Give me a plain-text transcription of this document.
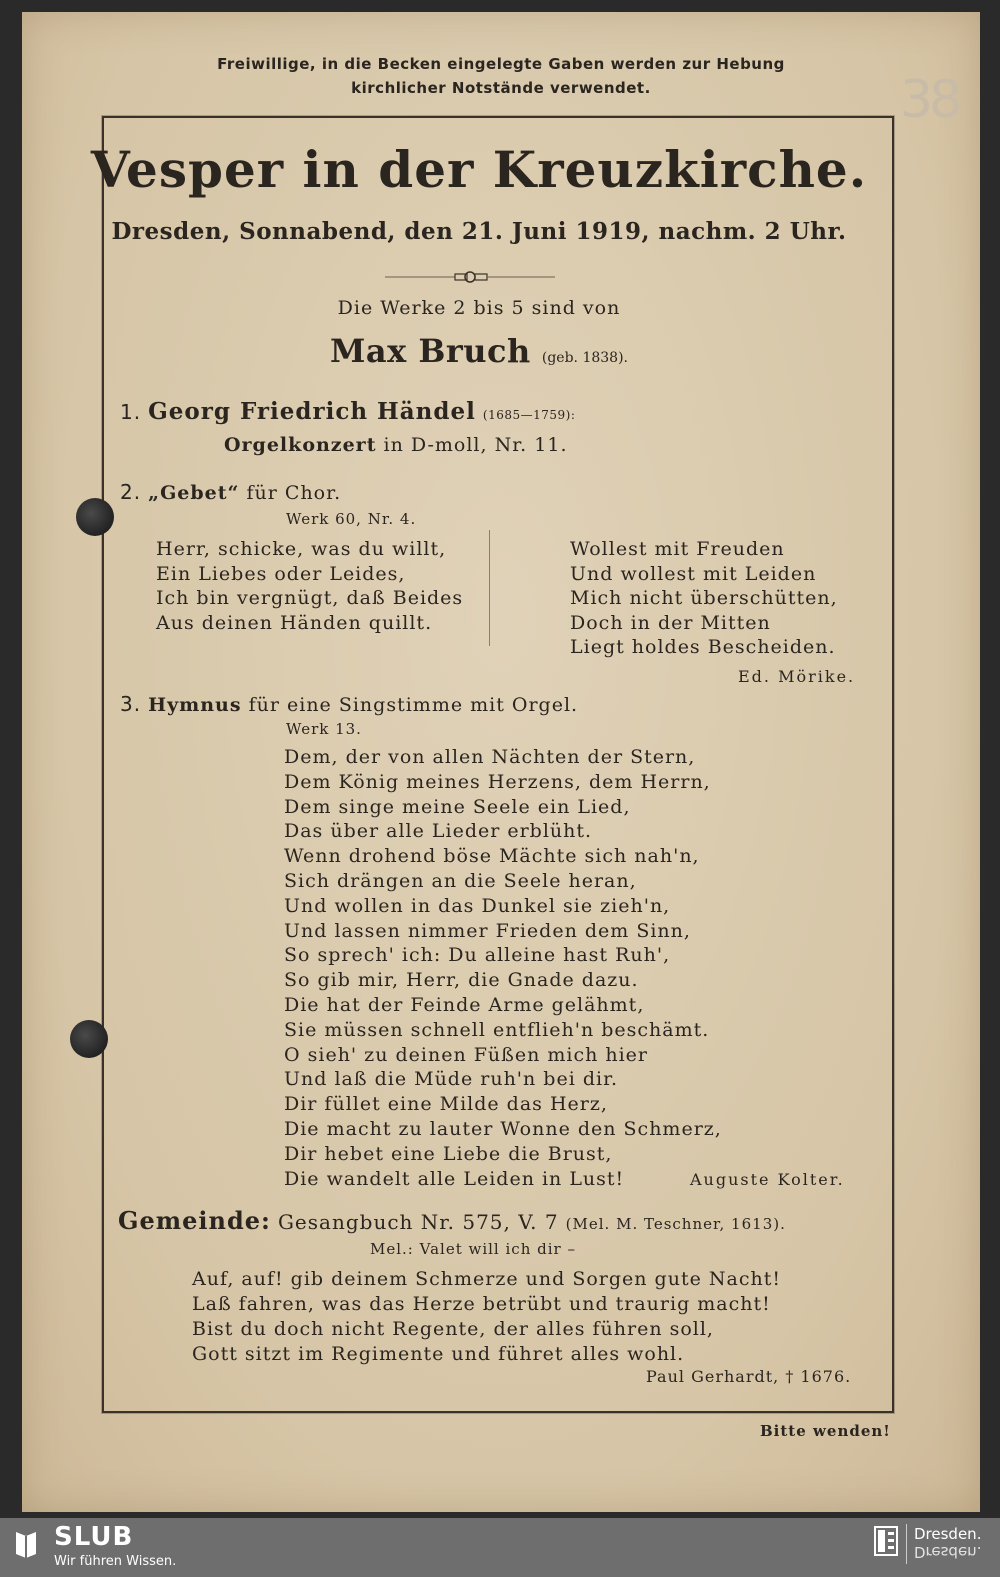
Freiwillige, in die Becken eingelegte Gaben werden zur Hebung
kirchlicher Notstände verwendet.	38
Vesper in der Kreuzkirche.
Dresden, Sonnabend, den 21. Juni 1919, nachm. 2 Uhr.
Die Werke 2 bis 5 sind von
Max Bruch (geb. 1838).
1. Georg Friedrich Händel (1685—1759):
Orgelkonzert in D-moll, Nr. 11.
2. „Gebet“ für Chor.
Werk 60, Nr. 4.
Herr, schicke, was du willt,
Ein Liebes oder Leides,
Ich bin vergnügt, daß Beides
Aus deinen Händen quillt.
Wollest mit Freuden
Und wollest mit Leiden
Mich nicht überschütten,
Doch in der Mitten
Liegt holdes Bescheiden.
Ed. Mörike.
3. Hymnus für eine Singstimme mit Orgel.
Werk 13.
Dem, der von allen Nächten der Stern,
Dem König meines Herzens, dem Herrn,
Dem singe meine Seele ein Lied,
Das über alle Lieder erblüht.
Wenn drohend böse Mächte sich nah'n,
Sich drängen an die Seele heran,
Und wollen in das Dunkel sie zieh'n,
Und lassen nimmer Frieden dem Sinn,
So sprech' ich: Du alleine hast Ruh',
So gib mir, Herr, die Gnade dazu.
Die hat der Feinde Arme gelähmt,
Sie müssen schnell entflieh'n beschämt.
O sieh' zu deinen Füßen mich hier
Und laß die Müde ruh'n bei dir.
Dir füllet eine Milde das Herz,
Die macht zu lauter Wonne den Schmerz,
Dir hebet eine Liebe die Brust,
Die wandelt alle Leiden in Lust!	Auguste Kolter.
Gemeinde: Gesangbuch Nr. 575, V. 7 (Mel. M. Teschner, 1613).
Mel.: Valet will ich dir –
Auf, auf! gib deinem Schmerze und Sorgen gute Nacht!
Laß fahren, was das Herze betrübt und traurig macht!
Bist du doch nicht Regente, der alles führen soll,
Gott sitzt im Regimente und führet alles wohl.
Paul Gerhardt, † 1676.
Bitte wenden!
SLUB
Wir führen Wissen.
Dresden.
Dresden.
